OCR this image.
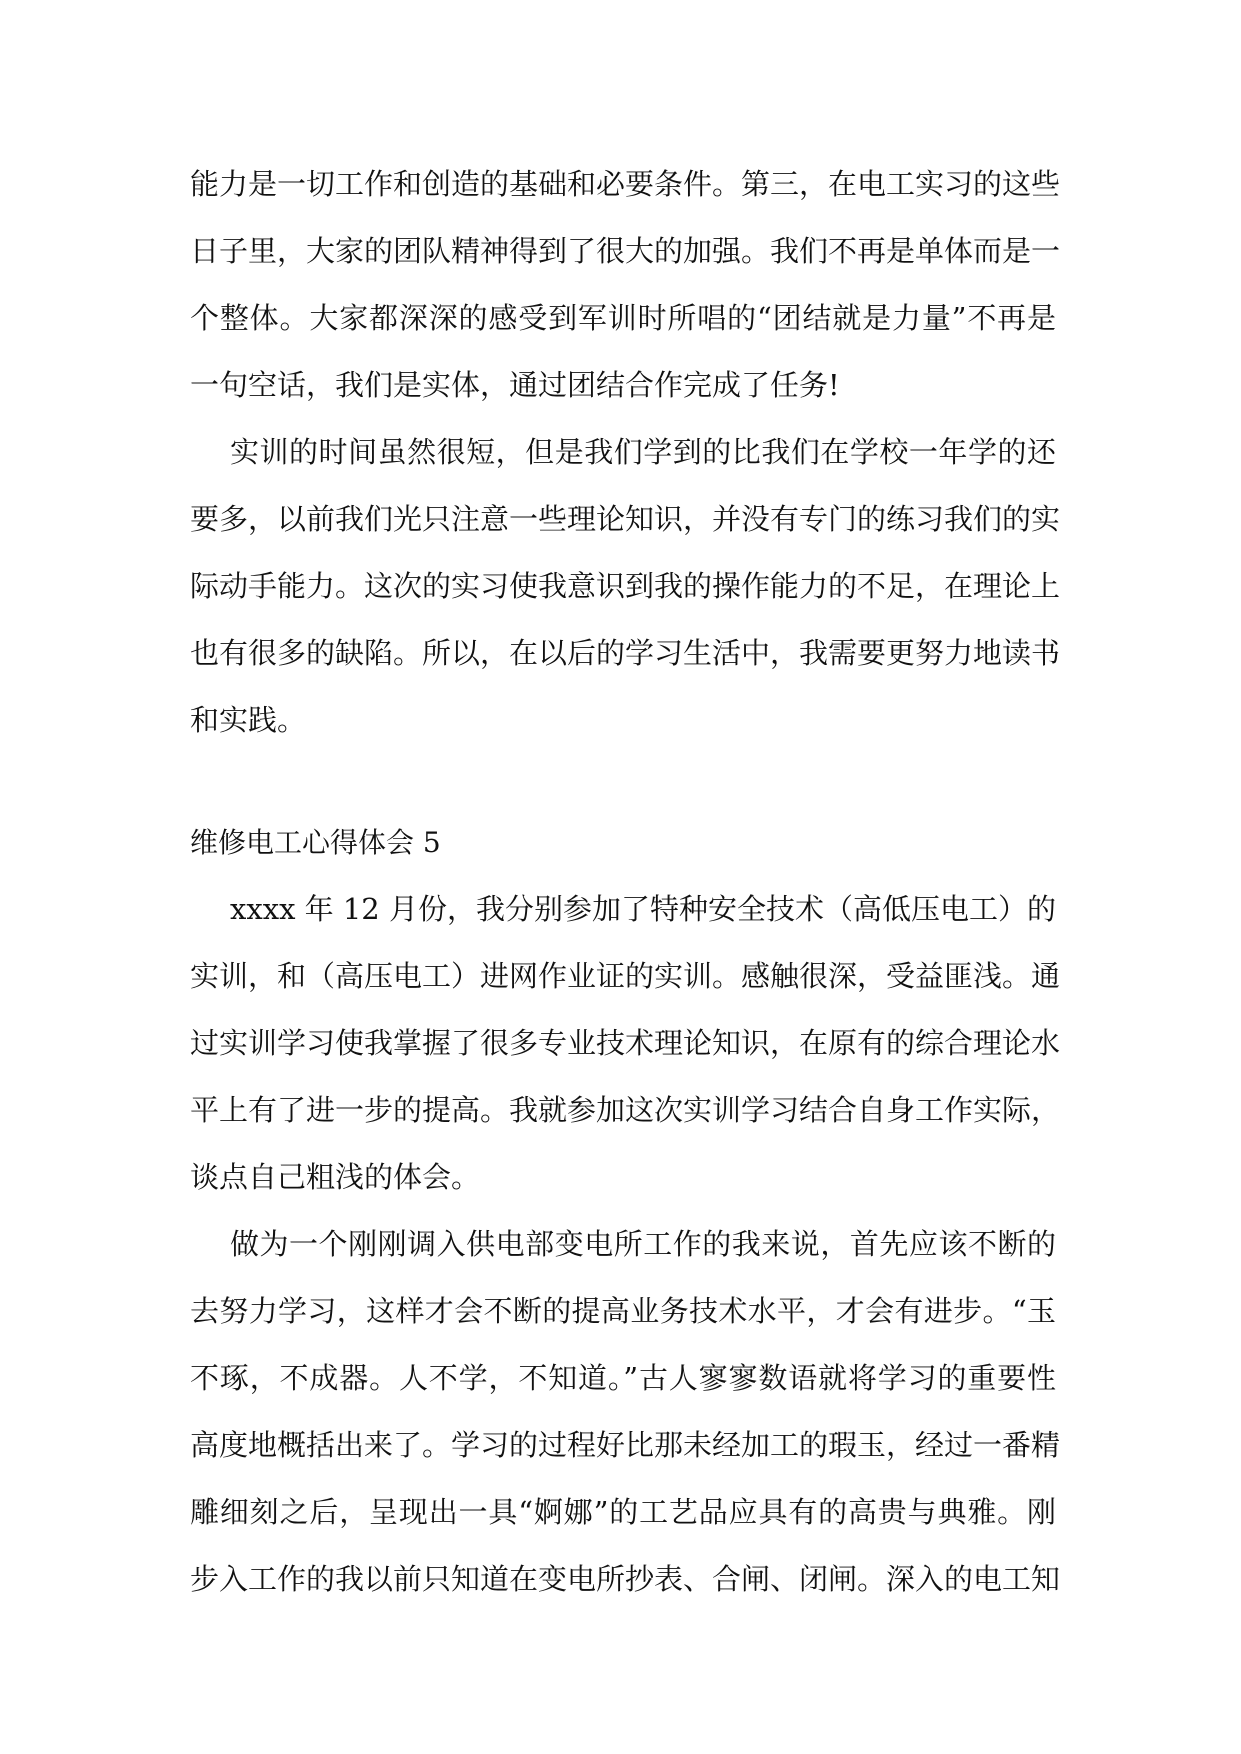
能力是一切工作和创造的基础和必要条件。第三，在电工实习的这些
日子里，大家的团队精神得到了很大的加强。我们不再是单体而是一
个整体。大家都深深的感受到军训时所唱的“团结就是力量”不再是
一句空话，我们是实体，通过团结合作完成了任务!
实训的时间虽然很短，但是我们学到的比我们在学校一年学的还
要多，以前我们光只注意一些理论知识，并没有专门的练习我们的实
际动手能力。这次的实习使我意识到我的操作能力的不足，在理论上
也有很多的缺陷。所以，在以后的学习生活中，我需要更努力地读书
和实践。
维修电工心得体会 5
xxxx 年 12 月份，我分别参加了特种安全技术（高低压电工）的
实训，和（高压电工）进网作业证的实训。感触很深，受益匪浅。通
过实训学习使我掌握了很多专业技术理论知识，在原有的综合理论水
平上有了进一步的提高。我就参加这次实训学习结合自身工作实际，
谈点自己粗浅的体会。
做为一个刚刚调入供电部变电所工作的我来说，首先应该不断的
去努力学习，这样才会不断的提高业务技术水平，才会有进步。“玉
不琢，不成器。人不学，不知道。”古人寥寥数语就将学习的重要性
高度地概括出来了。学习的过程好比那未经加工的瑕玉，经过一番精
雕细刻之后，呈现出一具“婀娜”的工艺品应具有的高贵与典雅。刚
步入工作的我以前只知道在变电所抄表、合闸、闭闸。深入的电工知
